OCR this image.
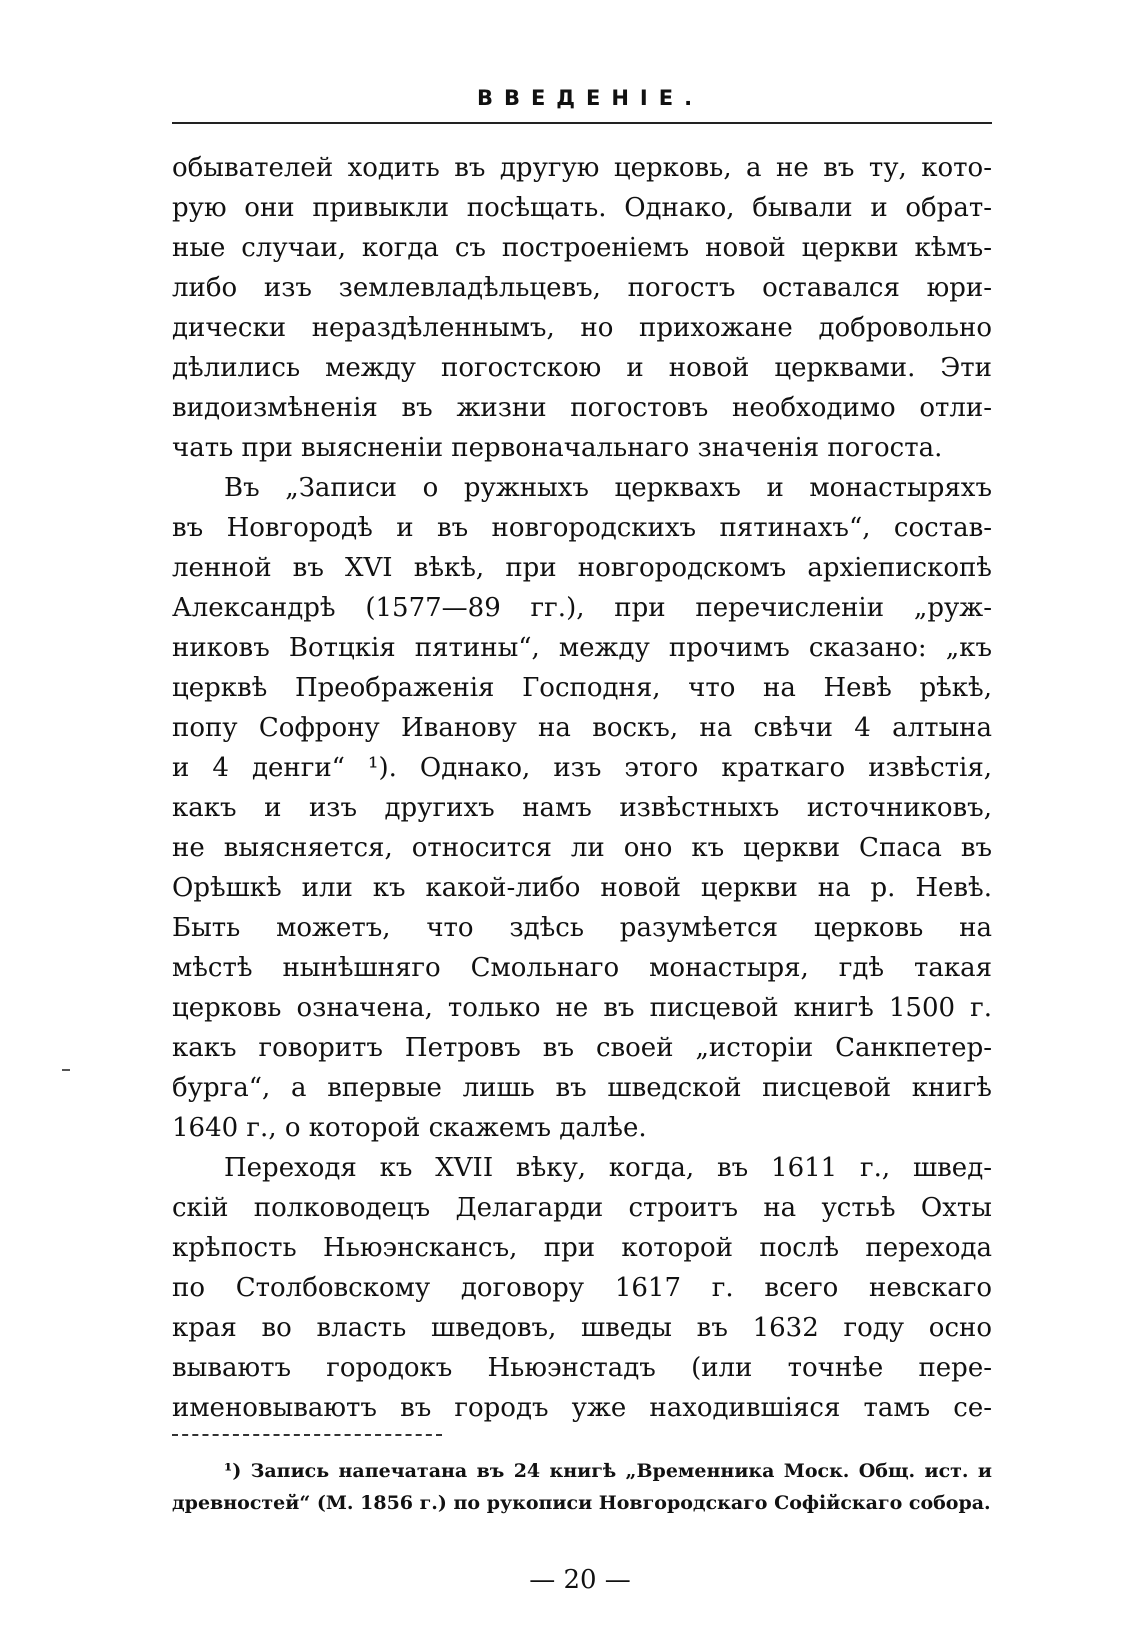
ВВЕДЕНІЕ.
обывателей ходить въ другую церковь, а не въ ту, кото-
рую они привыкли посѣщать. Однако, бывали и обрат-
ные случаи, когда съ построеніемъ новой церкви кѣмъ-
либо изъ землевладѣльцевъ, погостъ оставался юри-
дически нераздѣленнымъ, но прихожане добровольно
дѣлились между погостскою и новой церквами. Эти
видоизмѣненія въ жизни погостовъ необходимо отли-
чать при выясненіи первоначальнаго значенія погоста.
Въ „Записи о ружныхъ церквахъ и монастыряхъ
въ Новгородѣ и въ новгородскихъ пятинахъ“, состав-
ленной въ XVI вѣкѣ, при новгородскомъ архіепископѣ
Александрѣ (1577—89 гг.), при перечисленіи „руж-
никовъ Вотцкія пятины“, между прочимъ сказано: „къ
церквѣ Преображенія Господня, что на Невѣ рѣкѣ,
попу Софрону Иванову на воскъ, на свѣчи 4 алтына
и 4 денги“ ¹). Однако, изъ этого краткаго извѣстія,
какъ и изъ другихъ намъ извѣстныхъ источниковъ,
не выясняется, относится ли оно къ церкви Спаса въ
Орѣшкѣ или къ какой-либо новой церкви на р. Невѣ.
Быть можетъ, что здѣсь разумѣется церковь на
мѣстѣ нынѣшняго Смольнаго монастыря, гдѣ такая
церковь означена, только не въ писцевой книгѣ 1500 г.
какъ говоритъ Петровъ въ своей „исторіи Санкпетер-
бурга“, а впервые лишь въ шведской писцевой книгѣ
1640 г., о которой скажемъ далѣе.
Переходя къ XVII вѣку, когда, въ 1611 г., швед-
скій полководецъ Делагарди строитъ на устьѣ Охты
крѣпость Ньюэнскансъ, при которой послѣ перехода
по Столбовскому договору 1617 г. всего невскаго
края во власть шведовъ, шведы въ 1632 году осно
вываютъ городокъ Ньюэнстадъ (или точнѣе пере-
именовываютъ въ городъ уже находившіяся тамъ се-
¹) Запись напечатана въ 24 книгѣ „Временника Моск. Общ. ист. и
древностей“ (М. 1856 г.) по рукописи Новгородскаго Софійскаго собора.
— 20 —
